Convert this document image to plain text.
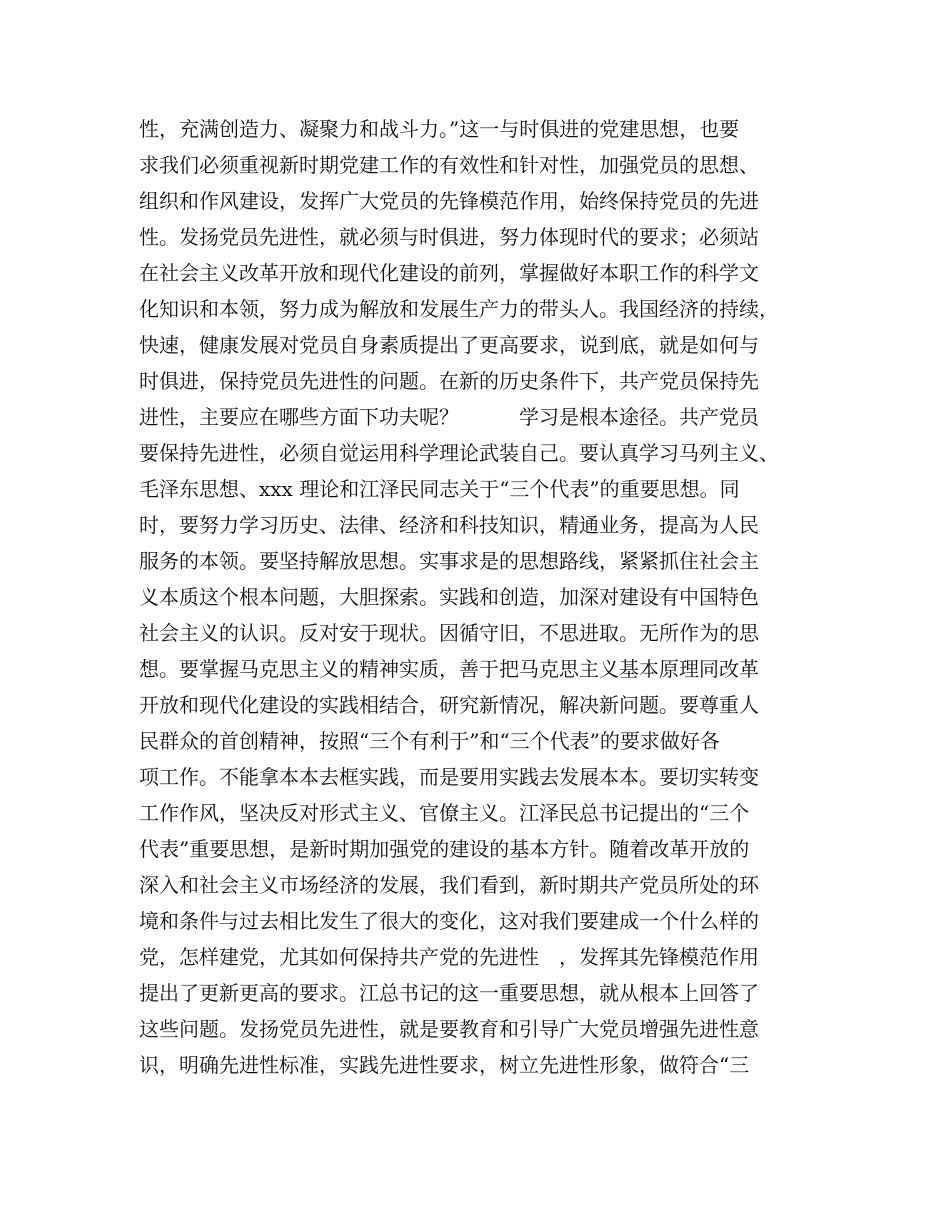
性，充满创造力、凝聚力和战斗力。”这一与时俱进的党建思想，也要
求我们必须重视新时期党建工作的有效性和针对性，加强党员的思想、
组织和作风建设，发挥广大党员的先锋模范作用，始终保持党员的先进
性。发扬党员先进性，就必须与时俱进，努力体现时代的要求；必须站
在社会主义改革开放和现代化建设的前列，掌握做好本职工作的科学文
化知识和本领，努力成为解放和发展生产力的带头人。我国经济的持续，
快速，健康发展对党员自身素质提出了更高要求，说到底，就是如何与
时俱进，保持党员先进性的问题。在新的历史条件下，共产党员保持先
进性，主要应在哪些方面下功夫呢？　　　学习是根本途径。共产党员
要保持先进性，必须自觉运用科学理论武装自己。要认真学习马列主义、
毛泽东思想、xxx 理论和江泽民同志关于“三个代表”的重要思想。同
时，要努力学习历史、法律、经济和科技知识，精通业务，提高为人民
服务的本领。要坚持解放思想。实事求是的思想路线，紧紧抓住社会主
义本质这个根本问题，大胆探索。实践和创造，加深对建设有中国特色
社会主义的认识。反对安于现状。因循守旧，不思进取。无所作为的思
想。要掌握马克思主义的精神实质，善于把马克思主义基本原理同改革
开放和现代化建设的实践相结合，研究新情况，解决新问题。要尊重人
民群众的首创精神，按照“三个有利于”和“三个代表”的要求做好各
项工作。不能拿本本去框实践，而是要用实践去发展本本。要切实转变
工作作风，坚决反对形式主义、官僚主义。江泽民总书记提出的“三个
代表”重要思想，是新时期加强党的建设的基本方针。随着改革开放的
深入和社会主义市场经济的发展，我们看到，新时期共产党员所处的环
境和条件与过去相比发生了很大的变化，这对我们要建成一个什么样的
党，怎样建党，尤其如何保持共产党的先进性　，发挥其先锋模范作用
提出了更新更高的要求。江总书记的这一重要思想，就从根本上回答了
这些问题。发扬党员先进性，就是要教育和引导广大党员增强先进性意
识，明确先进性标准，实践先进性要求，树立先进性形象，做符合“三
